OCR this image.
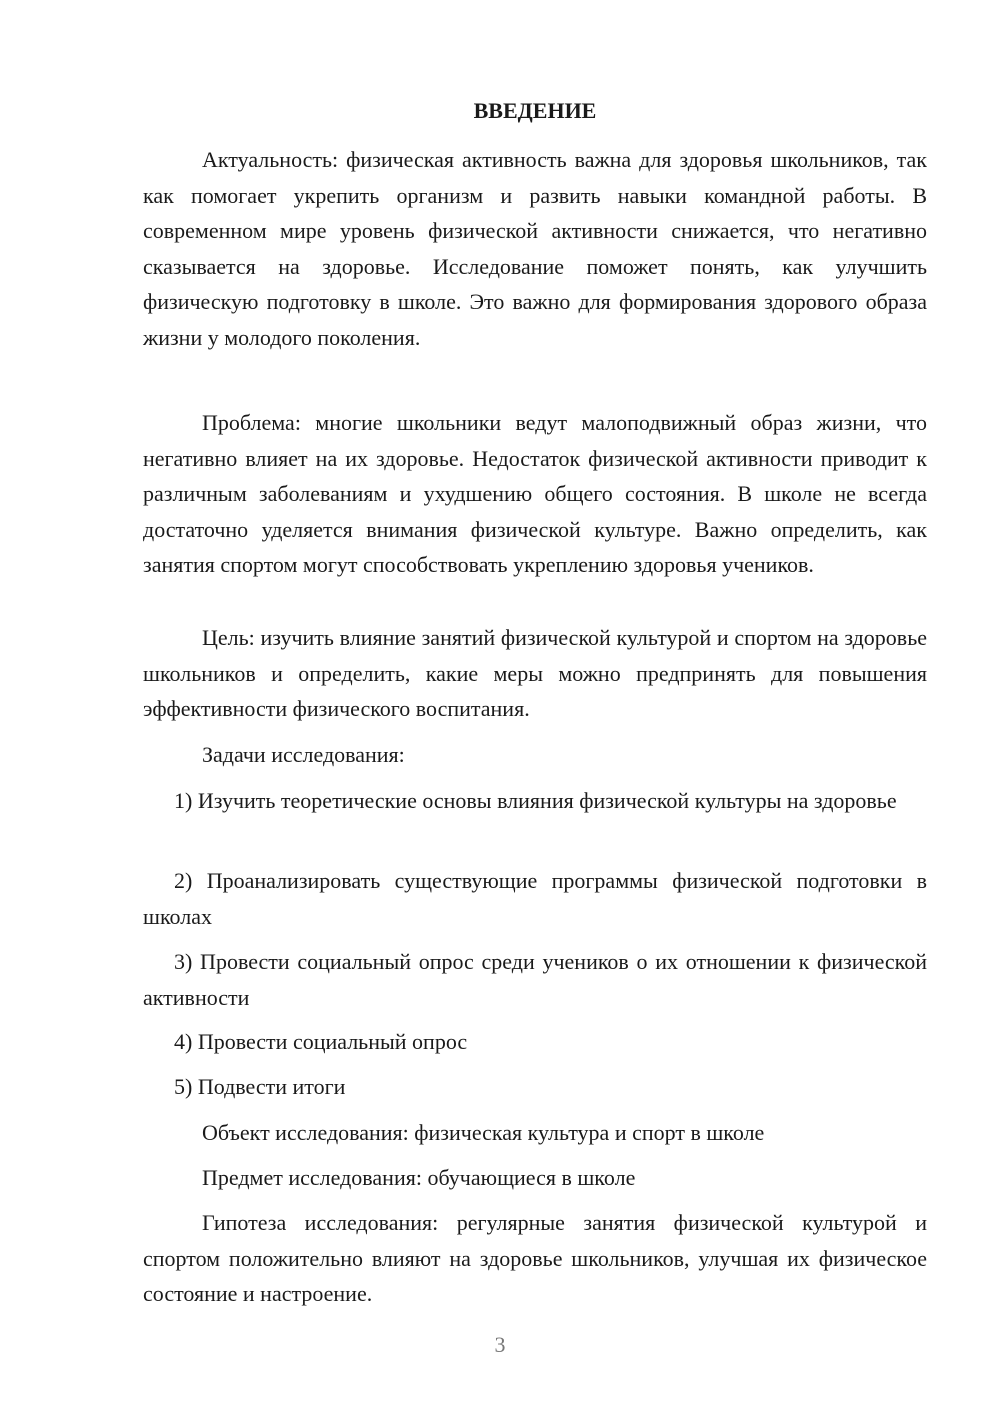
ВВЕДЕНИЕ

Актуальность: физическая активность важна для здоровья школьников, так как помогает укрепить организм и развить навыки командной работы. В современном мире уровень физической активности снижается, что негативно сказывается на здоровье. Исследование поможет понять, как улучшить физическую подготовку в школе. Это важно для формирования здорового образа жизни у молодого поколения.

Проблема: многие школьники ведут малоподвижный образ жизни, что негативно влияет на их здоровье. Недостаток физической активности приводит к различным заболеваниям и ухудшению общего состояния. В школе не всегда достаточно уделяется внимания физической культуре. Важно определить, как занятия спортом могут способствовать укреплению здоровья учеников.

Цель: изучить влияние занятий физической культурой и спортом на здоровье школьников и определить, какие меры можно предпринять для повышения эффективности физического воспитания.

Задачи исследования:

1) Изучить теоретические основы влияния физической культуры на здоровье

2) Проанализировать существующие программы физической подготовки в школах

3) Провести социальный опрос среди учеников о их отношении к физической активности

4) Провести социальный опрос

5) Подвести итоги

Объект исследования: физическая культура и спорт в школе

Предмет исследования: обучающиеся в школе

Гипотеза исследования: регулярные занятия физической культурой и спортом положительно влияют на здоровье школьников, улучшая их физическое состояние и настроение.

3
